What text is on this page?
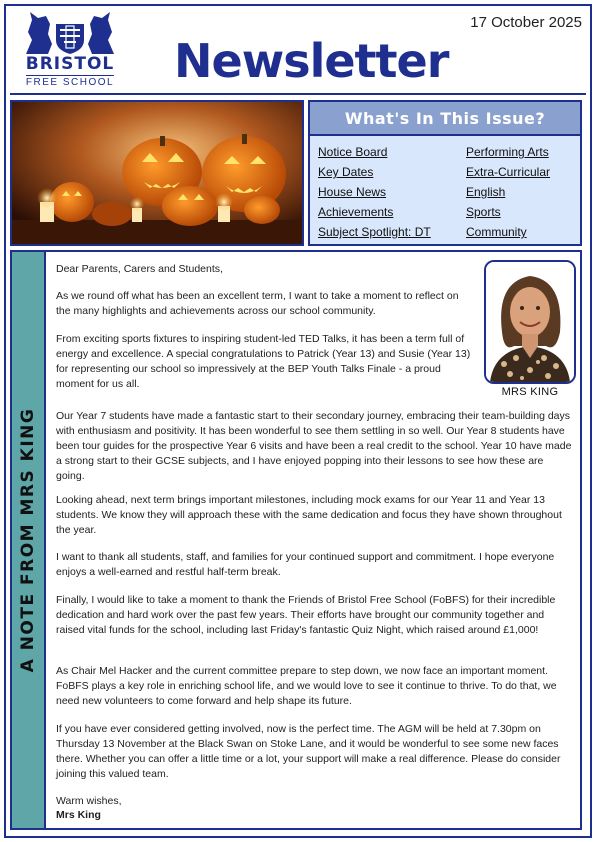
BRISTOL
FREE SCHOOL
17 October 2025
Newsletter
What's In This Issue?
Notice Board	Performing Arts
Key Dates	Extra-Curricular
House News	English
Achievements	Sports
Subject Spotlight: DT	Community
A NOTE FROM MRS KING
MRS KING

Dear Parents, Carers and Students,

As we round off what has been an excellent term, I want to take a moment to reflect on the many highlights and achievements across our school community.

From exciting sports fixtures to inspiring student-led TED Talks, it has been a term full of energy and excellence. A special congratulations to Patrick (Year 13) and Susie (Year 13) for representing our school so impressively at the BEP Youth Talks Finale - a proud moment for us all.

Our Year 7 students have made a fantastic start to their secondary journey, embracing their team-building days with enthusiasm and positivity. It has been wonderful to see them settling in so well. Our Year 8 students have been tour guides for the prospective Year 6 visits and have been a real credit to the school. Year 10 have made a strong start to their GCSE subjects, and I have enjoyed popping into their lessons to see how these are going.

Looking ahead, next term brings important milestones, including mock exams for our Year 11 and Year 13 students. We know they will approach these with the same dedication and focus they have shown throughout the year.

I want to thank all students, staff, and families for your continued support and commitment. I hope everyone enjoys a well-earned and restful half-term break.

Finally, I would like to take a moment to thank the Friends of Bristol Free School (FoBFS) for their incredible dedication and hard work over the past few years. Their efforts have brought our community together and raised vital funds for the school, including last Friday's fantastic Quiz Night, which raised around £1,000!

As Chair Mel Hacker and the current committee prepare to step down, we now face an important moment. FoBFS plays a key role in enriching school life, and we would love to see it continue to thrive. To do that, we need new volunteers to come forward and help shape its future.

If you have ever considered getting involved, now is the perfect time. The AGM will be held at 7.30pm on Thursday 13 November at the Black Swan on Stoke Lane, and it would be wonderful to see some new faces there. Whether you can offer a little time or a lot, your support will make a real difference. Please do consider joining this valued team.

Warm wishes,

Mrs King
